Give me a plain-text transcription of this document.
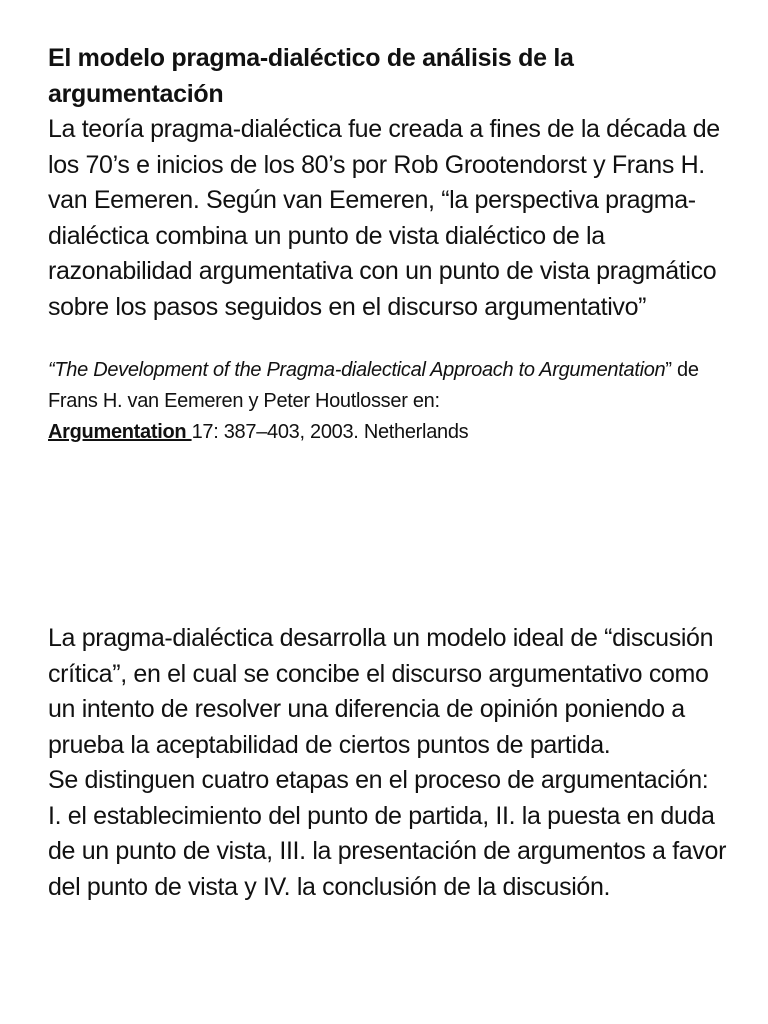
El modelo pragma-dialéctico de análisis de la argumentación

La teoría pragma-dialéctica fue creada a fines de la década de los 70’s e inicios de los 80’s por Rob Grootendorst y Frans H. van Eemeren. Según van Eemeren, “la perspectiva pragma-dialéctica combina un punto de vista dialéctico de la razonabilidad argumentativa con un punto de vista pragmático sobre los pasos seguidos en el discurso argumentativo”

“The Development of the Pragma-dialectical Approach to Argumentation” de Frans H. van Eemeren y Peter Houtlosser en:
Argumentation 17: 387–403, 2003. Netherlands

La pragma-dialéctica desarrolla un modelo ideal de “discusión crítica”, en el cual se concibe el discurso argumentativo como un intento de resolver una diferencia de opinión poniendo a prueba la aceptabilidad de ciertos puntos de partida.

Se distinguen cuatro etapas en el proceso de argumentación:

I. el establecimiento del punto de partida, II. la puesta en duda de un punto de vista, III. la presentación de argumentos a favor del punto de vista y IV. la conclusión de la discusión.
